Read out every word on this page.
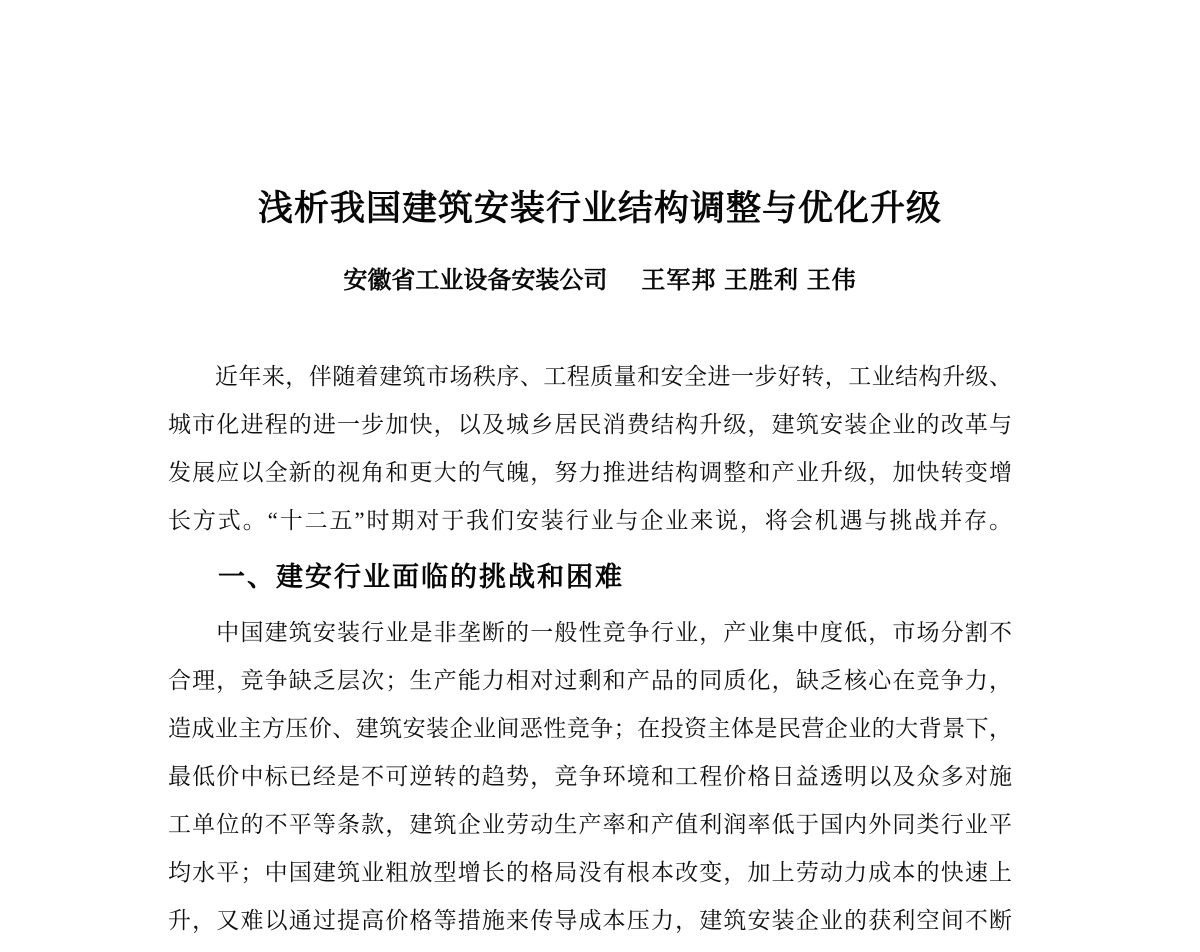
浅析我国建筑安装行业结构调整与优化升级
安徽省工业设备安装公司 王军邦 王胜利 王伟
　　近年来，伴随着建筑市场秩序、工程质量和安全进一步好转，工业结构升级、
城市化进程的进一步加快，以及城乡居民消费结构升级，建筑安装企业的改革与
发展应以全新的视角和更大的气魄，努力推进结构调整和产业升级，加快转变增
长方式。“十二五”时期对于我们安装行业与企业来说，将会机遇与挑战并存。
一、建安行业面临的挑战和困难
　　中国建筑安装行业是非垄断的一般性竞争行业，产业集中度低，市场分割不
合理，竞争缺乏层次；生产能力相对过剩和产品的同质化，缺乏核心在竞争力，
造成业主方压价、建筑安装企业间恶性竞争；在投资主体是民营企业的大背景下，
最低价中标已经是不可逆转的趋势，竞争环境和工程价格日益透明以及众多对施
工单位的不平等条款，建筑企业劳动生产率和产值利润率低于国内外同类行业平
均水平；中国建筑业粗放型增长的格局没有根本改变，加上劳动力成本的快速上
升，又难以通过提高价格等措施来传导成本压力，建筑安装企业的获利空间不断
